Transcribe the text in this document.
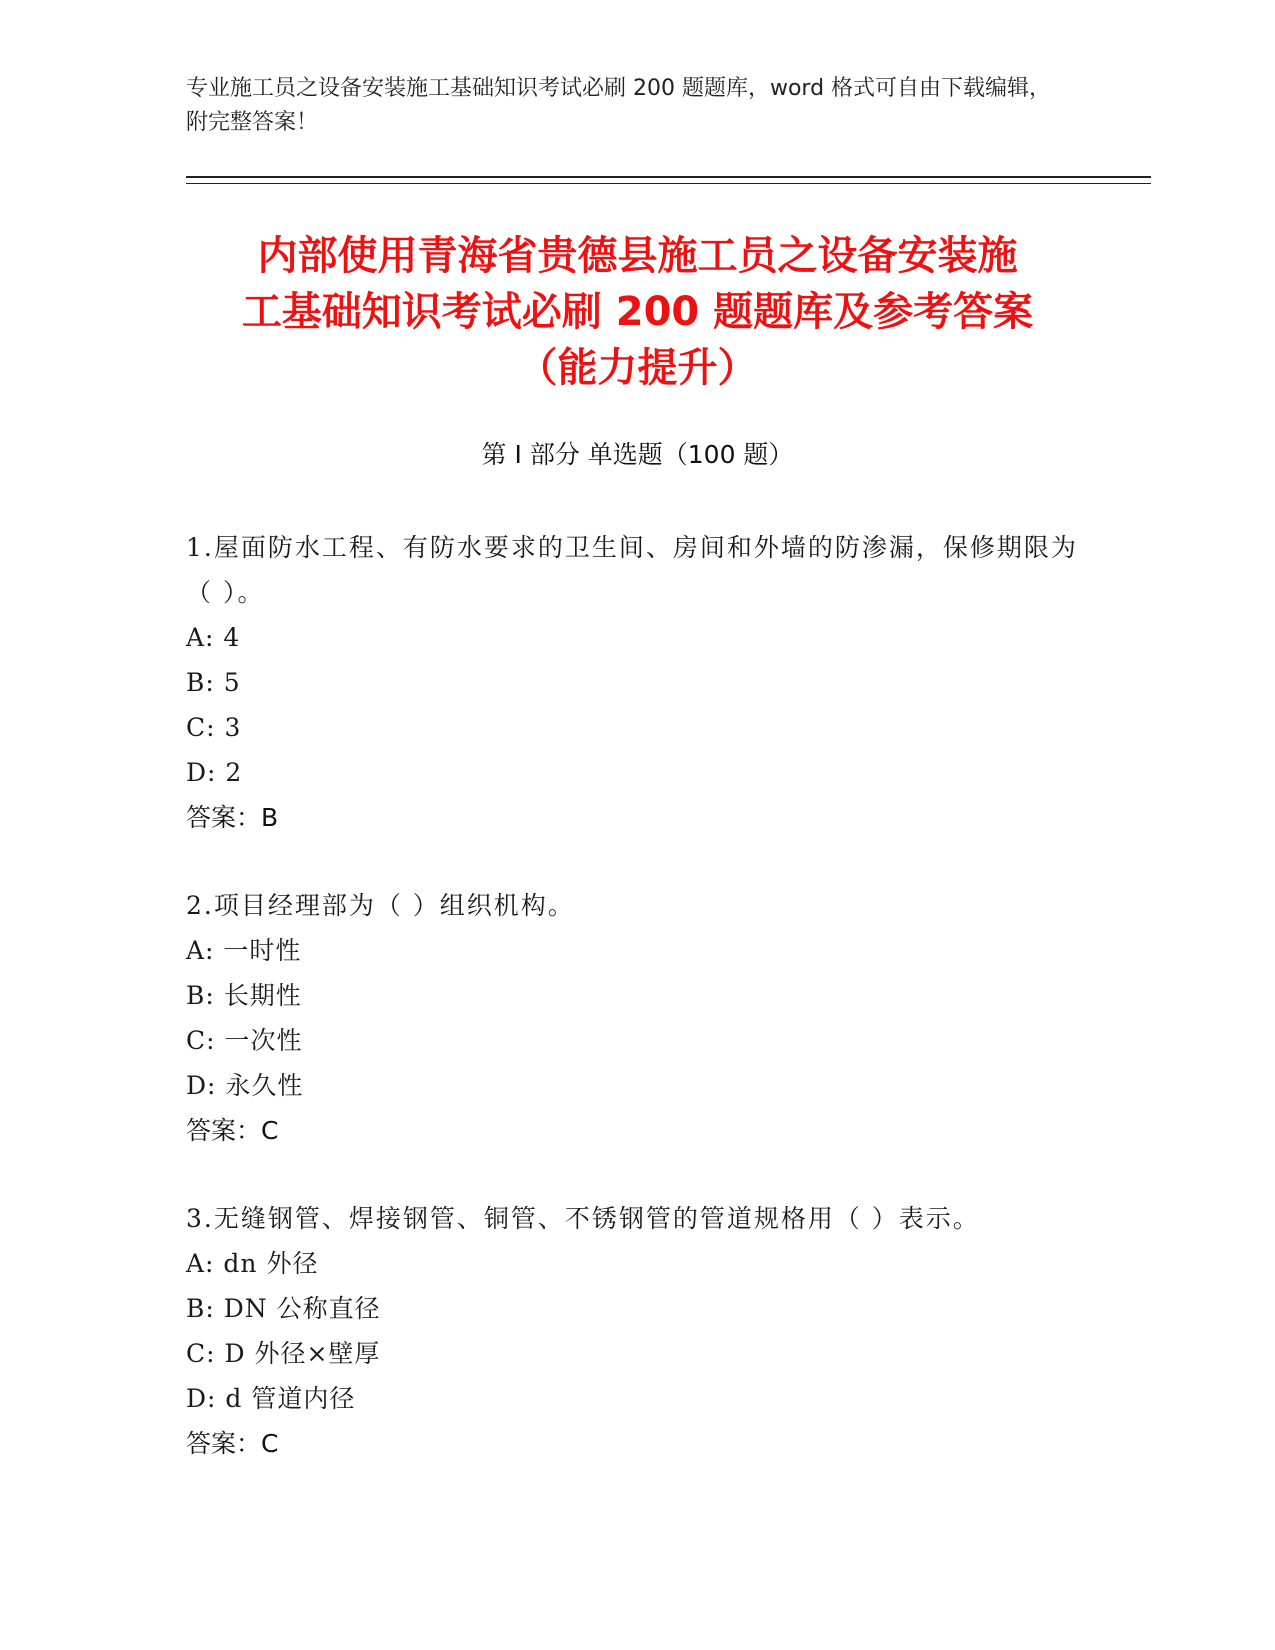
专业施工员之设备安装施工基础知识考试必刷 200 题题库，word 格式可自由下载编辑，附完整答案！
内部使用青海省贵德县施工员之设备安装施
工基础知识考试必刷 200 题题库及参考答案
（能力提升）
第 I 部分 单选题（100 题）
1.屋面防水工程、有防水要求的卫生间、房间和外墙的防渗漏，保修期限为（ ）。
A: 4
B: 5
C: 3
D: 2
答案：B
2.项目经理部为（ ）组织机构。
A: 一时性
B: 长期性
C: 一次性
D: 永久性
答案：C
3.无缝钢管、焊接钢管、铜管、不锈钢管的管道规格用（ ）表示。
A: dn 外径
B: DN 公称直径
C: D 外径×壁厚
D: d 管道内径
答案：C
